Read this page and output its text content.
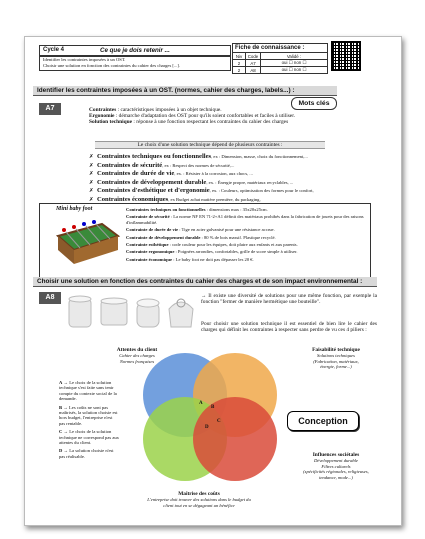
Cycle 4	Ce que je dois retenir ...
Identifier les contraintes imposées à un OST.
Choisir une solution en fonction des contraintes du cahier des charges [...].
Fiche de connaissance :
Niv	Code	Validé :
2	A7	oui ☐ non ☐
2	A8	oui ☐ non ☐
Identifier les contraintes imposées à un OST. (normes, cahier des charges, labels...) :
A7
Mots clés
Contraintes : caractéristiques imposées à un objet technique.
Ergonomie : démarche d'adaptation des OST pour qu'ils soient confortables et faciles à utiliser.
Solution technique : réponse à une fonction respectant les contraintes du cahier des charges
Le choix d'une solution technique dépend de plusieurs contraintes :
✗ Contraintes techniques ou fonctionnelles, ex : Dimension, masse, choix du fonctionnement,...
✗ Contraintes de sécurité, ex : Respect des normes de sécurité,...
✗ Contraintes de durée de vie, ex. : Résister à la corrosion, aux chocs, ...
✗ Contraintes de développement durable, ex. : Énergie propre, matériaux recyclables, ...
✗ Contraintes d'esthétique et d'ergonomie, ex. : Couleurs, optimisation des formes pour le confort,
✗ Contraintes économiques, ex Budget achat matière première, du packaging,
Mini baby foot	Contraintes techniques ou fonctionnelles : dimensions max : 35x20x25cm.
Contrainte de sécurité : La norme NF EN 71-2+A1 définit des matériaux prohibés dans la fabrication de jouets pour des raisons d'inflammabilité.
Contrainte de durée de vie : Tige en acier galvanisé pour une résistance accrue.
Contrainte de développement durable : 80 % de bois massif. Plastique recyclé.
Contrainte esthétique : code couleur pour les équipes, doit plaire aux enfants et aux parents.
Contrainte ergonomique : Poignées arrondies, confortables, grille de score simple à utiliser.
Contrainte économique : Le baby foot ne doit pas dépasser les 20 €.
Choisir une solution en fonction des contraintes du cahier des charges et de son impact environnemental :
A8	→ Il existe une diversité de solutions pour une même fonction, par exemple la fonction "fermer de manière hermétique une bouteille".
Pour choisir une solution technique il est essentiel de bien lire le cahier des charges qui définit les contraintes à respecter sans perdre de vu ces 4 piliers :
A
B
C
D
Conception
Attentes du client
Cahier des charges
Normes françaises
Faisabilité technique
Solutions techniques
(Fabrication, matériaux,
énergie, forme...)
Maîtrise des coûts
L'entreprise doit trouver des solutions dans le budget du
client tout en se dégageant un bénéfice
Influences sociétales
Développement durable
Filtres culturels
(spécificités régionales, religieuses,
tendance, mode...)
A → Le choix de la solution technique s'est faite sans tenir compte du contexte social de la demande.
B → Les coûts ne sont pas maîtrisés, la solution choisie est hors budget, l'entreprise n'est pas rentable.
C → Le choix de la solution technique ne correspond pas aux attentes du client.
D → La solution choisie n'est pas réalisable.
